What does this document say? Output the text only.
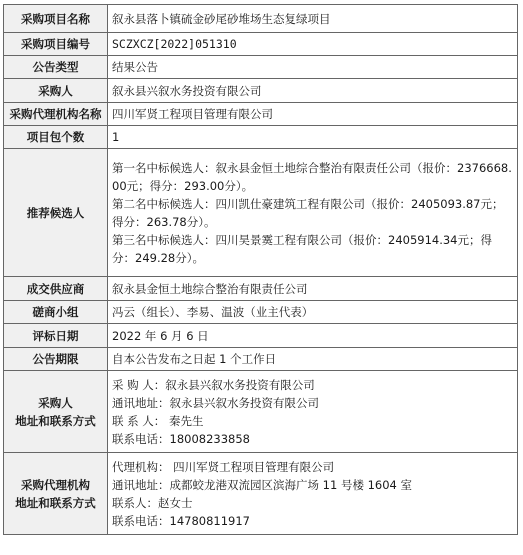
采购项目名称	叙永县落卜镇硫金砂尾砂堆场生态复绿项目
采购项目编号	SCZXCZ[2022]051310
公告类型	结果公告
采购人	叙永县兴叙水务投资有限公司
采购代理机构名称	四川军贤工程项目管理有限公司
项目包个数	1
推荐候选人	第一名中标候选人：叙永县金恒土地综合整治有限责任公司（报价：2376668.00元；得分：293.00分）。
第二名中标候选人：四川凯仕豪建筑工程有限公司（报价：2405093.87元；得分：263.78分）。
第三名中标候选人：四川昊景霙工程有限公司（报价：2405914.34元；得分：249.28分）。

成交供应商	叙永县金恒土地综合整治有限责任公司
磋商小组	冯云（组长）、李易、温波（业主代表）
评标日期	2022 年 6 月 6 日
公告期限	自本公告发布之日起 1 个工作日

采购人
地址和联系方式	采 购 人：叙永县兴叙水务投资有限公司
通讯地址：叙永县兴叙水务投资有限公司
联 系 人： 秦先生
联系电话：18008233858

采购代理机构
地址和联系方式	代理机构： 四川军贤工程项目管理有限公司
通讯地址：成都蛟龙港双流园区滨海广场 11 号楼 1604 室
联系人：赵女士
联系电话：14780811917
